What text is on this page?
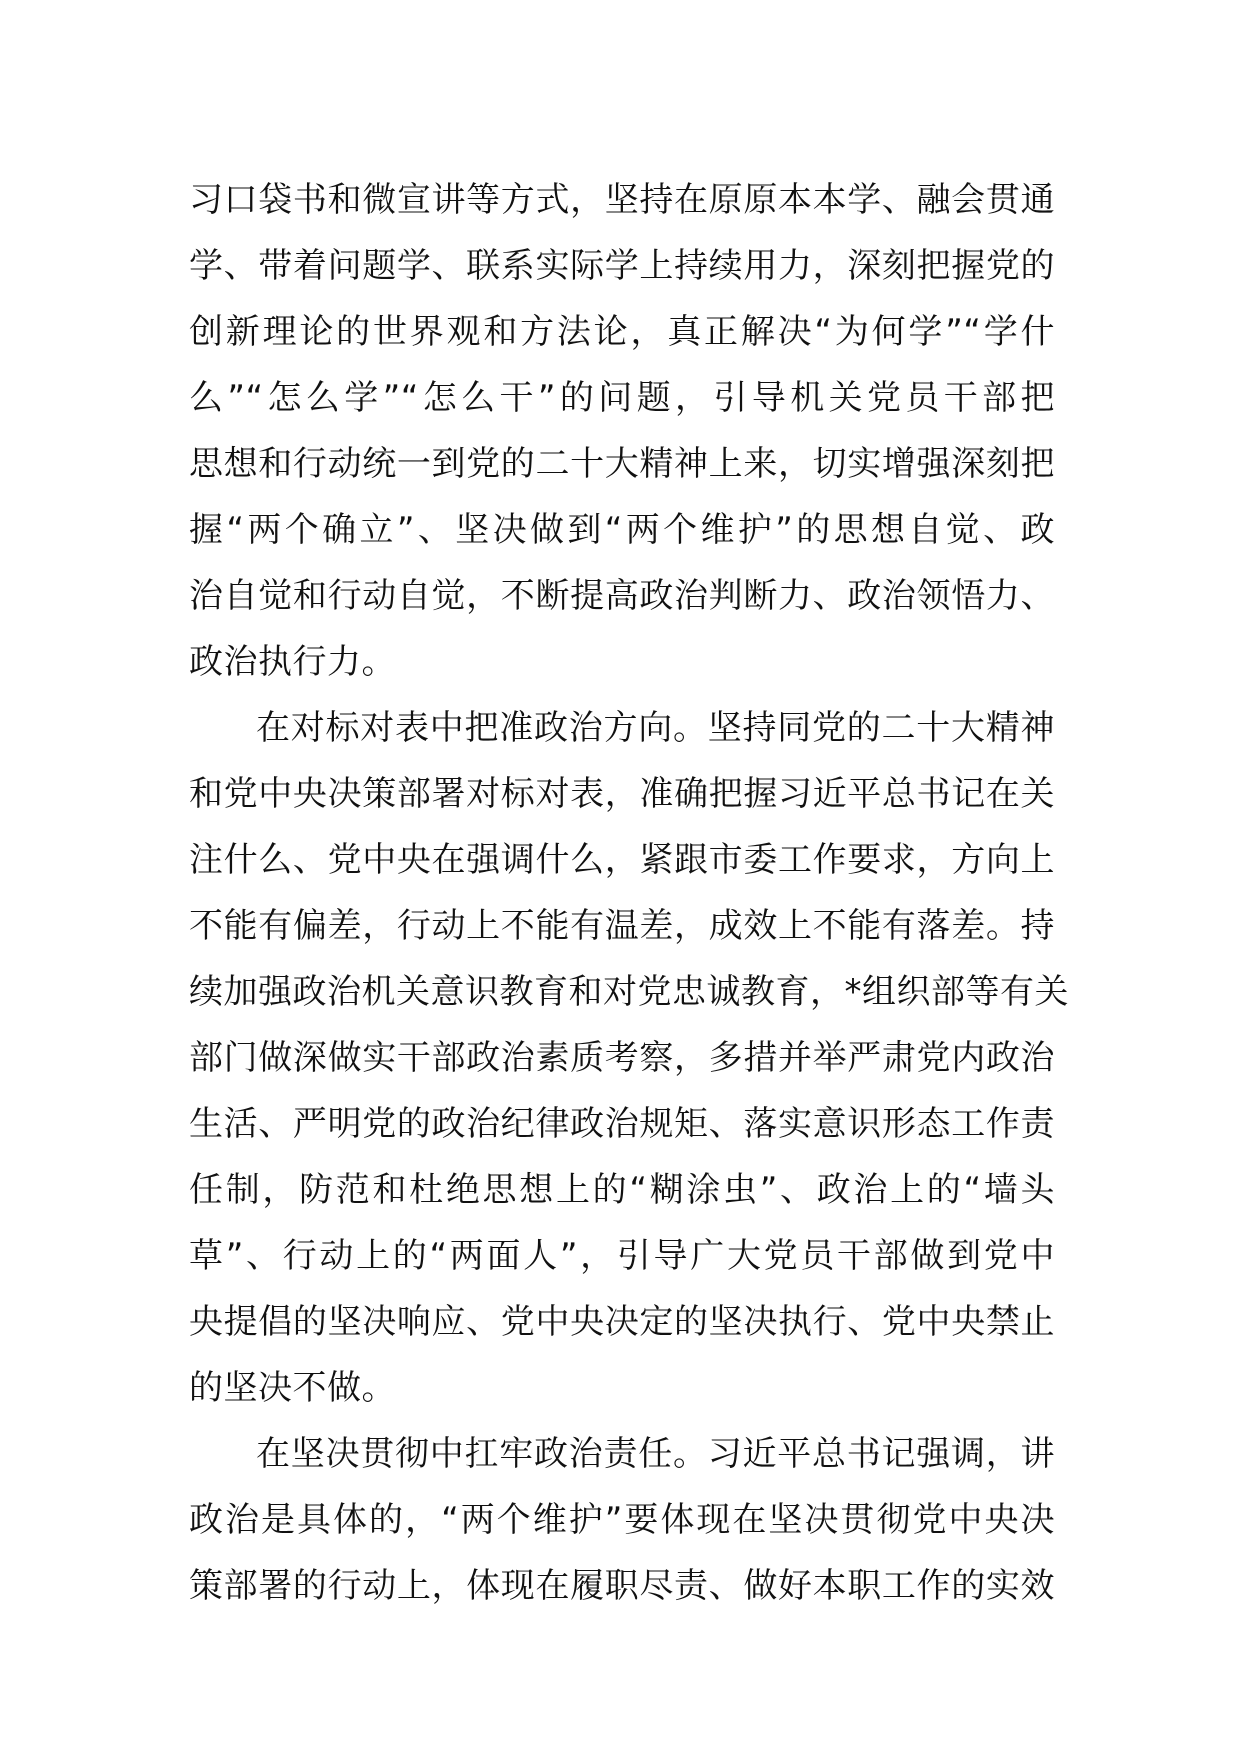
习口袋书和微宣讲等方式，坚持在原原本本学、融会贯通
学、带着问题学、联系实际学上持续用力，深刻把握党的
创新理论的世界观和方法论，真正解决“为何学”“学什
么”“怎么学”“怎么干”的问题，引导机关党员干部把
思想和行动统一到党的二十大精神上来，切实增强深刻把
握“两个确立”、坚决做到“两个维护”的思想自觉、政
治自觉和行动自觉，不断提高政治判断力、政治领悟力、
政治执行力。
在对标对表中把准政治方向。坚持同党的二十大精神
和党中央决策部署对标对表，准确把握习近平总书记在关
注什么、党中央在强调什么，紧跟市委工作要求，方向上
不能有偏差，行动上不能有温差，成效上不能有落差。持
续加强政治机关意识教育和对党忠诚教育，*组织部等有关
部门做深做实干部政治素质考察，多措并举严肃党内政治
生活、严明党的政治纪律政治规矩、落实意识形态工作责
任制，防范和杜绝思想上的“糊涂虫”、政治上的“墙头
草”、行动上的“两面人”，引导广大党员干部做到党中
央提倡的坚决响应、党中央决定的坚决执行、党中央禁止
的坚决不做。
在坚决贯彻中扛牢政治责任。习近平总书记强调，讲
政治是具体的，“两个维护”要体现在坚决贯彻党中央决
策部署的行动上，体现在履职尽责、做好本职工作的实效
